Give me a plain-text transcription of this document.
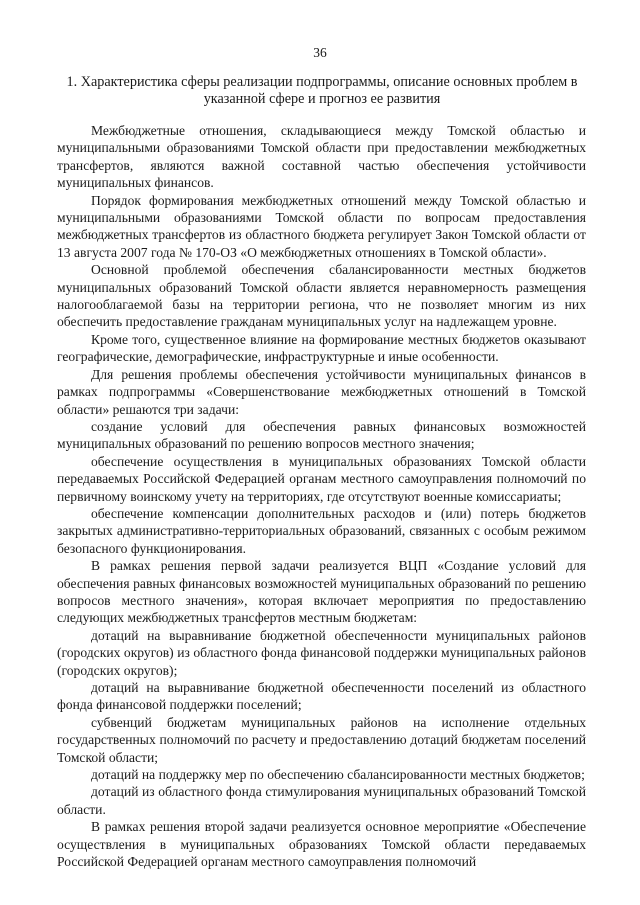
36
1. Характеристика сферы реализации подпрограммы, описание основных проблем в указанной сфере и прогноз ее развития

Межбюджетные отношения, складывающиеся между Томской областью и муниципальными образованиями Томской области при предоставлении межбюджетных трансфертов, являются важной составной частью обеспечения устойчивости муниципальных финансов.

Порядок формирования межбюджетных отношений между Томской областью и муниципальными образованиями Томской области по вопросам предоставления межбюджетных трансфертов из областного бюджета регулирует Закон Томской области от 13 августа 2007 года № 170-ОЗ «О межбюджетных отношениях в Томской области».

Основной проблемой обеспечения сбалансированности местных бюджетов муниципальных образований Томской области является неравномерность размещения налогооблагаемой базы на территории региона, что не позволяет многим из них обеспечить предоставление гражданам муниципальных услуг на надлежащем уровне.

Кроме того, существенное влияние на формирование местных бюджетов оказывают географические, демографические, инфраструктурные и иные особенности.

Для решения проблемы обеспечения устойчивости муниципальных финансов в рамках подпрограммы «Совершенствование межбюджетных отношений в Томской области» решаются три задачи:

создание условий для обеспечения равных финансовых возможностей муниципальных образований по решению вопросов местного значения;

обеспечение осуществления в муниципальных образованиях Томской области передаваемых Российской Федерацией органам местного самоуправления полномочий по первичному воинскому учету на территориях, где отсутствуют военные комиссариаты;

обеспечение компенсации дополнительных расходов и (или) потерь бюджетов закрытых административно-территориальных образований, связанных с особым режимом безопасного функционирования.

В рамках решения первой задачи реализуется ВЦП «Создание условий для обеспечения равных финансовых возможностей муниципальных образований по решению вопросов местного значения», которая включает мероприятия по предоставлению следующих межбюджетных трансфертов местным бюджетам:

дотаций на выравнивание бюджетной обеспеченности муниципальных районов (городских округов) из областного фонда финансовой поддержки муниципальных районов (городских округов);

дотаций на выравнивание бюджетной обеспеченности поселений из областного фонда финансовой поддержки поселений;

субвенций бюджетам муниципальных районов на исполнение отдельных государственных полномочий по расчету и предоставлению дотаций бюджетам поселений Томской области;

дотаций на поддержку мер по обеспечению сбалансированности местных бюджетов;

дотаций из областного фонда стимулирования муниципальных образований Томской области.

В рамках решения второй задачи реализуется основное мероприятие «Обеспечение осуществления в муниципальных образованиях Томской области передаваемых Российской Федерацией органам местного самоуправления полномочий
